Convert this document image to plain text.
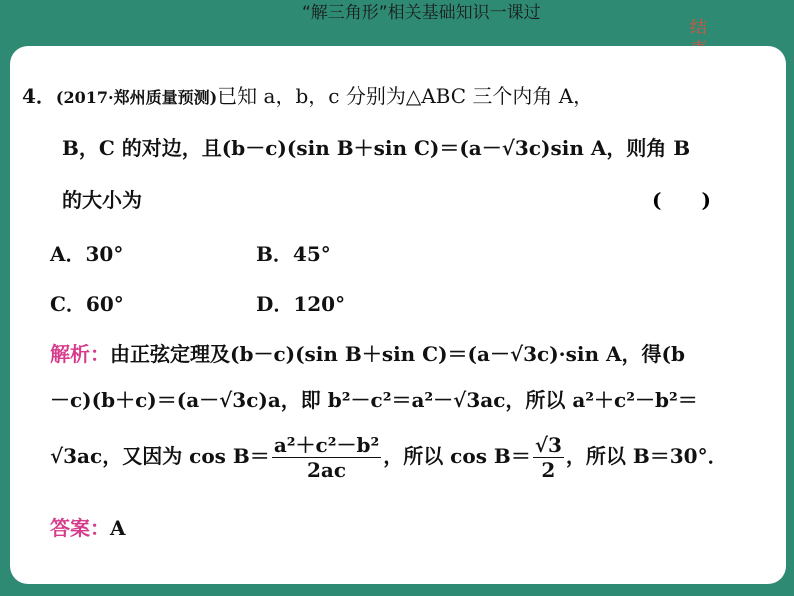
“解三角形”相关基础知识一课过
结
4．(2017·郑州质量预测)已知 a，b，c 分别为△ABC 三个内角 A，
B，C 的对边，且(b－c)(sin B＋sin C)＝(a－√3c)sin A，则角 B
的大小为	(　　)
A．30°	B．45°
C．60°	D．120°
解析：由正弦定理及(b－c)(sin B＋sin C)＝(a－√3c)·sin A，得(b
－c)(b＋c)＝(a－√3c)a，即 b²－c²＝a²－√3ac，所以 a²＋c²－b²＝
√3ac，又因为 $\cos B= \frac{\text{a²＋c²－b²}}{2ac}$ ，所以 $\cos B= \frac{√3}{2}$ ，所以 B＝30°．
答案：A
